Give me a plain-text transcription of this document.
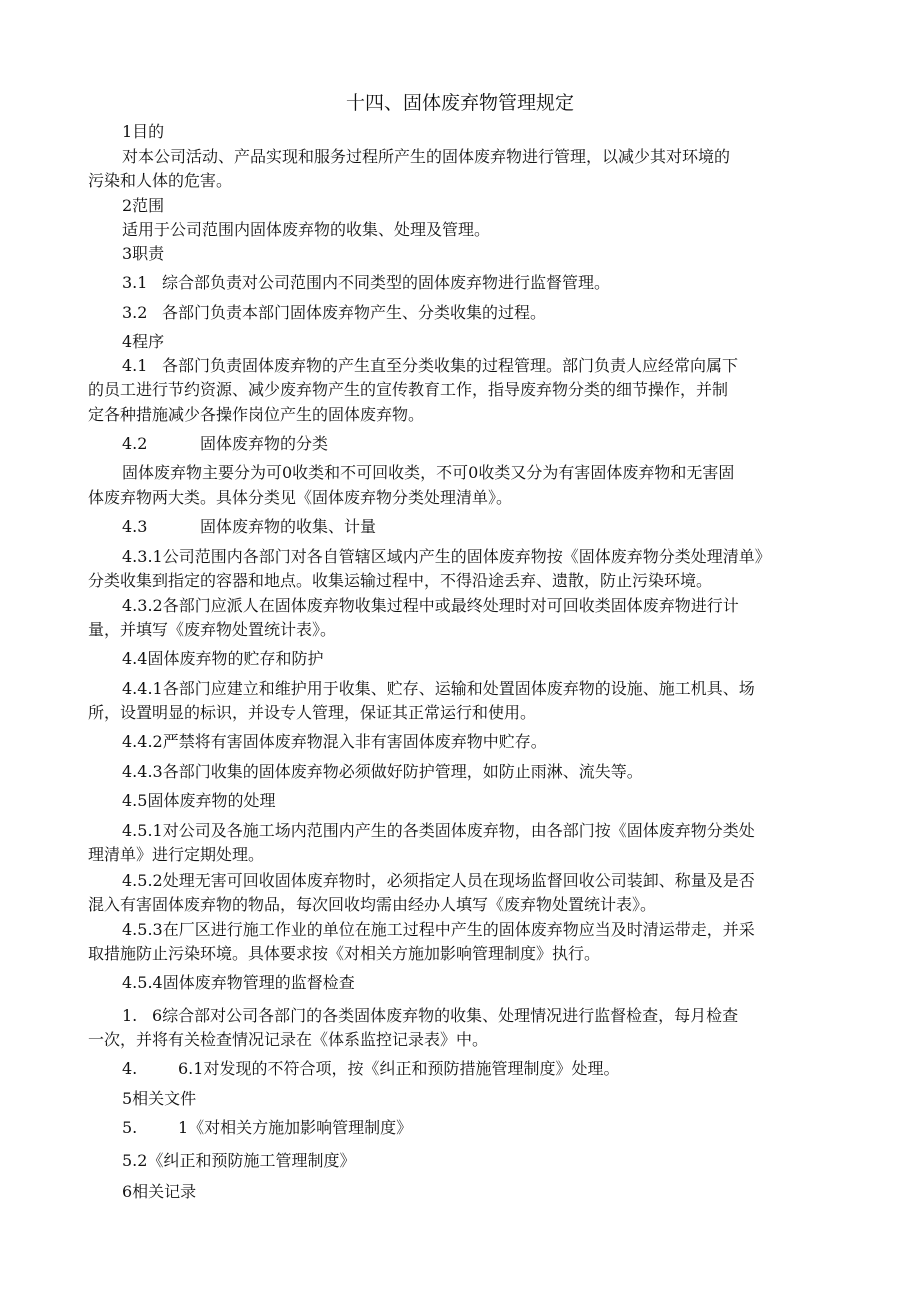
十四、固体废弃物管理规定
1目的
对本公司活动、产品实现和服务过程所产生的固体废弃物进行管理，以减少其对环境的
污染和人体的危害。
2范围
适用于公司范围内固体废弃物的收集、处理及管理。
3职责
3.1 综合部负责对公司范围内不同类型的固体废弃物进行监督管理。
3.2 各部门负责本部门固体废弃物产生、分类收集的过程。
4程序
4.1 各部门负责固体废弃物的产生直至分类收集的过程管理。部门负责人应经常向属下
的员工进行节约资源、减少废弃物产生的宣传教育工作，指导废弃物分类的细节操作，并制
定各种措施减少各操作岗位产生的固体废弃物。
4.2	固体废弃物的分类
固体废弃物主要分为可0收类和不可回收类，不可0收类又分为有害固体废弃物和无害固
体废弃物两大类。具体分类见《固体废弃物分类处理清单》。
4.3	固体废弃物的收集、计量
4.3.1公司范围内各部门对各自管辖区域内产生的固体废弃物按《固体废弃物分类处理清单》
分类收集到指定的容器和地点。收集运输过程中，不得沿途丢弃、遗散，防止污染环境。
4.3.2各部门应派人在固体废弃物收集过程中或最终处理时对可回收类固体废弃物进行计
量，并填写《废弃物处置统计表》。
4.4固体废弃物的贮存和防护
4.4.1各部门应建立和维护用于收集、贮存、运输和处置固体废弃物的设施、施工机具、场
所，设置明显的标识，并设专人管理，保证其正常运行和使用。
4.4.2严禁将有害固体废弃物混入非有害固体废弃物中贮存。
4.4.3各部门收集的固体废弃物必须做好防护管理，如防止雨淋、流失等。
4.5固体废弃物的处理
4.5.1对公司及各施工场内范围内产生的各类固体废弃物，由各部门按《固体废弃物分类处
理清单》进行定期处理。
4.5.2处理无害可回收固体废弃物时，必须指定人员在现场监督回收公司装卸、称量及是否
混入有害固体废弃物的物品，每次回收均需由经办人填写《废弃物处置统计表》。
4.5.3在厂区进行施工作业的单位在施工过程中产生的固体废弃物应当及时清运带走，并采
取措施防止污染环境。具体要求按《对相关方施加影响管理制度》执行。
4.5.4固体废弃物管理的监督检查
1. 6综合部对公司各部门的各类固体废弃物的收集、处理情况进行监督检查，每月检查
一次，并将有关检查情况记录在《体系监控记录表》中。
4.	6.1对发现的不符合项，按《纠正和预防措施管理制度》处理。
5相关文件
5.	1《对相关方施加影响管理制度》
5.2《纠正和预防施工管理制度》
6相关记录
